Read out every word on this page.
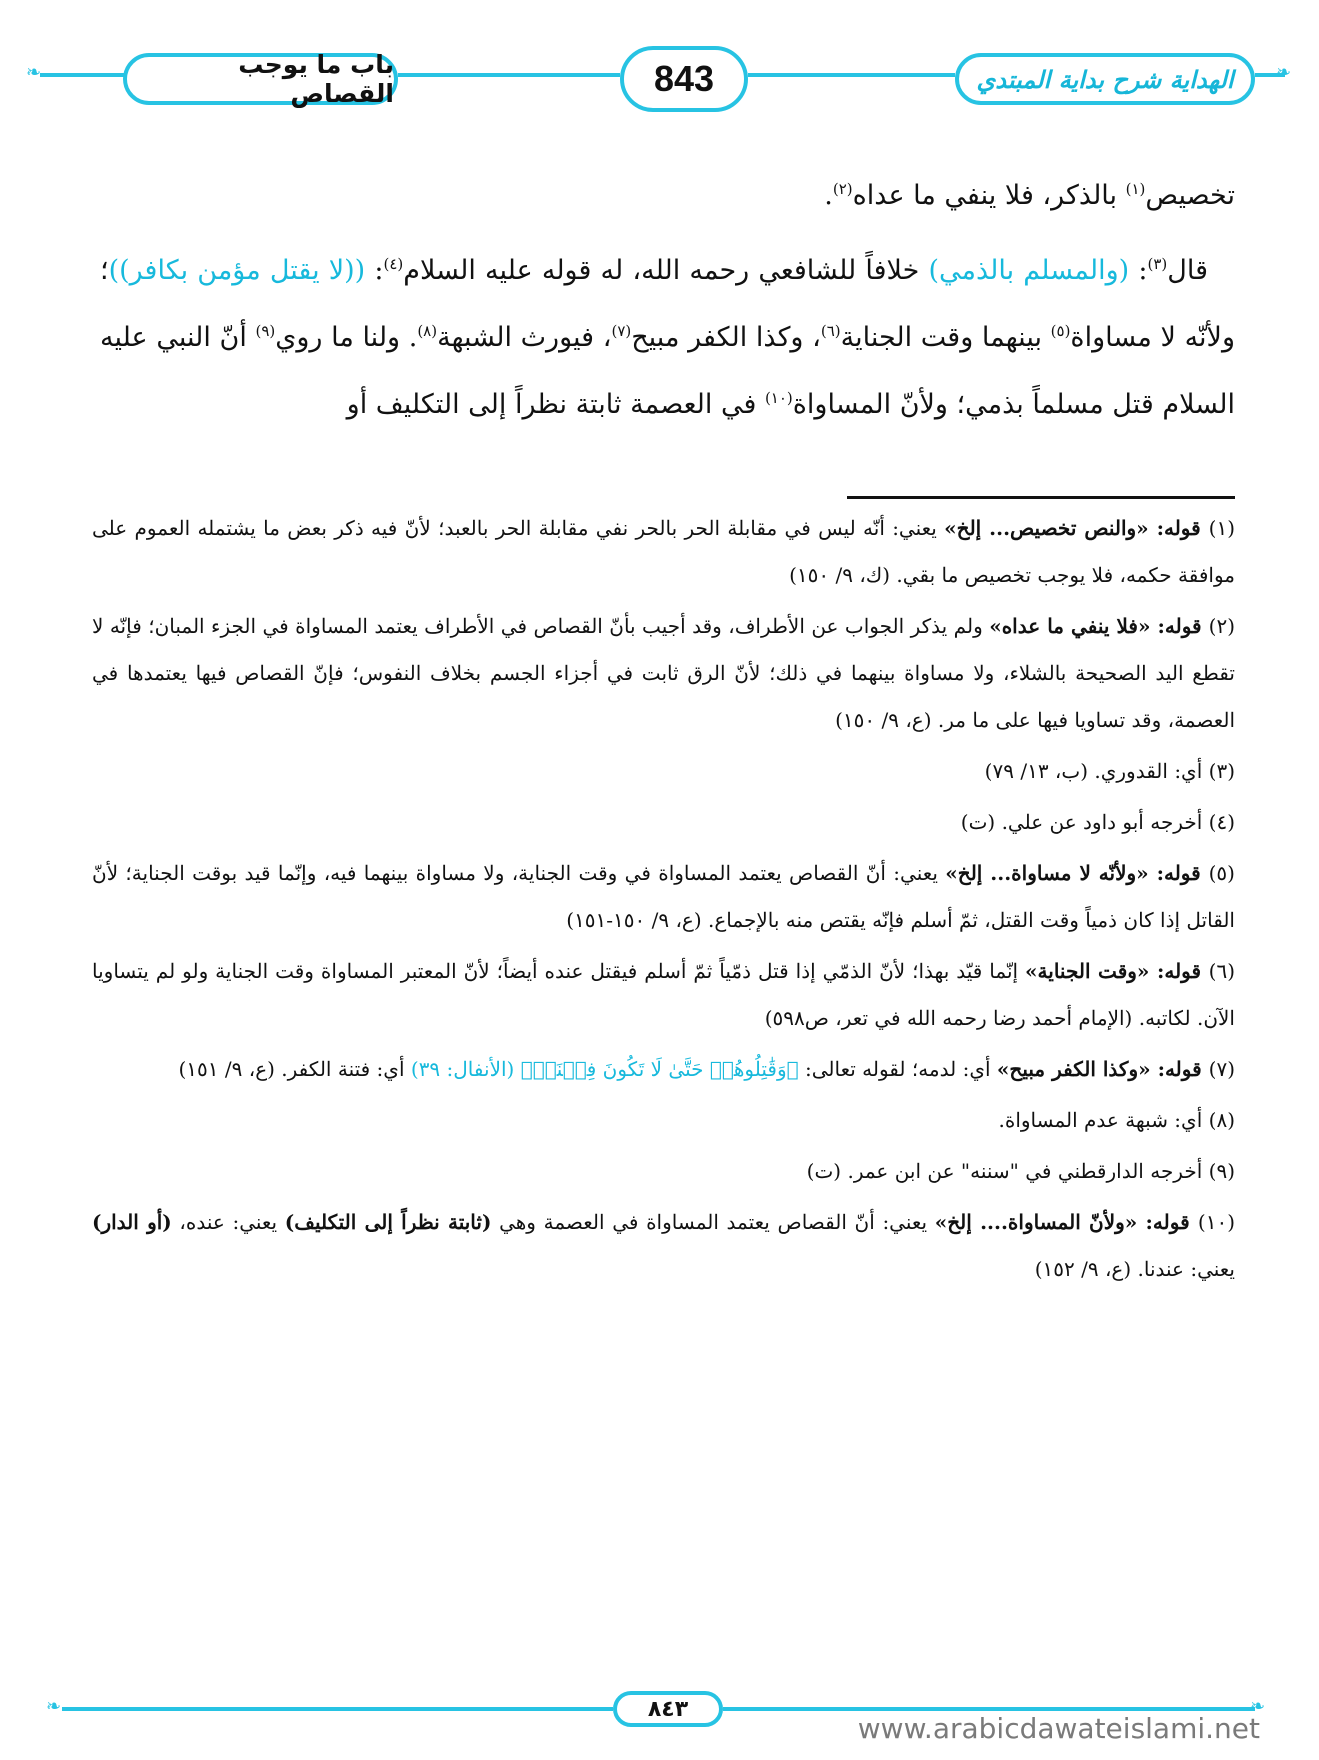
❧	❧
باب ما يوجب القصاص	843	الهداية شرح بداية المبتدي

تخصيص$^{(١)}$ بالذكر، فلا ينفي ما عداه$^{(٢)}$.

 قال$^{(٣)}$: (والمسلم بالذمي) خلافاً للشافعي رحمه الله، له قوله عليه السلام$^{(٤)}$: ((لا يقتل مؤمن بكافر))؛ ولأنّه لا مساواة$^{(٥)}$ بينهما وقت الجناية$^{(٦)}$، وكذا الكفر مبيح$^{(٧)}$، فيورث الشبهة$^{(٨)}$. ولنا ما روي$^{(٩)}$ أنّ النبي عليه السلام قتل مسلماً بذمي؛ ولأنّ المساواة$^{(١٠)}$ في العصمة ثابتة نظراً إلى التكليف أو

(١) قوله: «والنص تخصيص... إلخ» يعني: أنّه ليس في مقابلة الحر بالحر نفي مقابلة الحر بالعبد؛ لأنّ فيه ذكر بعض ما يشتمله العموم على موافقة حكمه، فلا يوجب تخصيص ما بقي. (ك، ٩/ ١٥٠)

(٢) قوله: «فلا ينفي ما عداه» ولم يذكر الجواب عن الأطراف، وقد أجيب بأنّ القصاص في الأطراف يعتمد المساواة في الجزء المبان؛ فإنّه لا تقطع اليد الصحيحة بالشلاء، ولا مساواة بينهما في ذلك؛ لأنّ الرق ثابت في أجزاء الجسم بخلاف النفوس؛ فإنّ القصاص فيها يعتمدها في العصمة، وقد تساويا فيها على ما مر. (ع، ٩/ ١٥٠)

(٣) أي: القدوري. (ب، ١٣/ ٧٩)

(٤) أخرجه أبو داود عن علي. (ت)

(٥) قوله: «ولأنّه لا مساواة... إلخ» يعني: أنّ القصاص يعتمد المساواة في وقت الجناية، ولا مساواة بينهما فيه، وإنّما قيد بوقت الجناية؛ لأنّ القاتل إذا كان ذمياً وقت القتل، ثمّ أسلم فإنّه يقتص منه بالإجماع. (ع، ٩/ ١٥٠-١٥١)

(٦) قوله: «وقت الجناية» إنّما قيّد بهذا؛ لأنّ الذمّي إذا قتل ذمّياً ثمّ أسلم فيقتل عنده أيضاً؛ لأنّ المعتبر المساواة وقت الجناية ولو لم يتساويا الآن. لكاتبه. (الإمام أحمد رضا رحمه الله في تعر، ص٥٩٨)

(٧) قوله: «وكذا الكفر مبيح» أي: لدمه؛ لقوله تعالى: ﴿وَقَٰتِلُوهُمۡ حَتَّىٰ لَا تَكُونَ فِتۡنَةٞ﴾ (الأنفال: ٣٩) أي: فتنة الكفر. (ع، ٩/ ١٥١)

(٨) أي: شبهة عدم المساواة.

(٩) أخرجه الدارقطني في "سننه" عن ابن عمر. (ت)

(١٠) قوله: «ولأنّ المساواة.... إلخ» يعني: أنّ القصاص يعتمد المساواة في العصمة وهي (ثابتة نظراً إلى التكليف) يعني: عنده، (أو الدار) يعني: عندنا. (ع، ٩/ ١٥٢)

❧	❧
٨٤٣
www.arabicdawateislami.net
